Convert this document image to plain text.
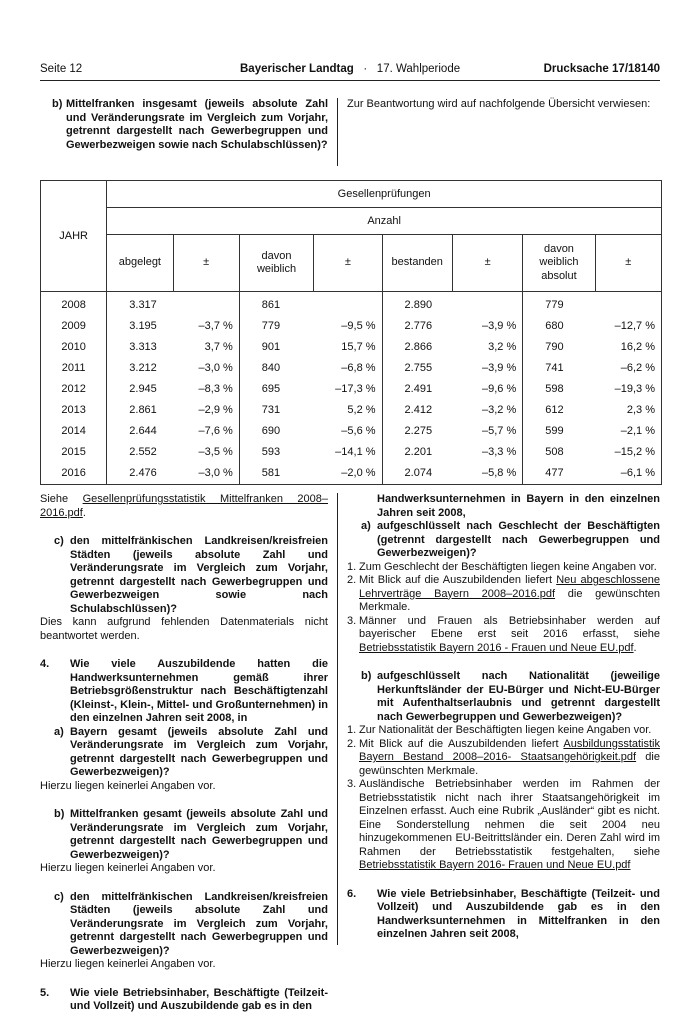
Seite 12	Bayerischer Landtag · 17. Wahlperiode	Drucksache 17/18140
b) Mittelfranken insgesamt (jeweils absolute Zahl und Veränderungsrate im Vergleich zum Vorjahr, getrennt dargestellt nach Gewerbegruppen und Gewerbezweigen sowie nach Schulabschlüssen)?
Zur Beantwortung wird auf nachfolgende Übersicht verwiesen:
JAHR	Gesellenprüfungen							
	Anzahl							
	abgelegt	±	davon weiblich	±	bestanden	±	davon weiblich absolut	±
2008	3.317		861		2.890		779	
2009	3.195	–3,7 %	779	–9,5 %	2.776	–3,9 %	680	–12,7 %
2010	3.313	3,7 %	901	15,7 %	2.866	3,2 %	790	16,2 %
2011	3.212	–3,0 %	840	–6,8 %	2.755	–3,9 %	741	–6,2 %
2012	2.945	–8,3 %	695	–17,3 %	2.491	–9,6 %	598	–19,3 %
2013	2.861	–2,9 %	731	5,2 %	2.412	–3,2 %	612	2,3 %
2014	2.644	–7,6 %	690	–5,6 %	2.275	–5,7 %	599	–2,1 %
2015	2.552	–3,5 %	593	–14,1 %	2.201	–3,3 %	508	–15,2 %
2016	2.476	–3,0 %	581	–2,0 %	2.074	–5,8 %	477	–6,1 %

Siehe Gesellenprüfungsstatistik Mittelfranken 2008–2016.pdf.

c) den mittelfränkischen Landkreisen/kreisfreien Städten (jeweils absolute Zahl und Veränderungsrate im Vergleich zum Vorjahr, getrennt dargestellt nach Gewerbegruppen und Gewerbezweigen sowie nach Schulabschlüssen)?

Dies kann aufgrund fehlenden Datenmaterials nicht beantwortet werden.

4.	Wie viele Auszubildende hatten die Handwerksunternehmen gemäß ihrer Betriebsgrößenstruktur nach Beschäftigtenzahl (Kleinst-, Klein-, Mittel- und Großunternehmen) in den einzelnen Jahren seit 2008, in
a) Bayern gesamt (jeweils absolute Zahl und Veränderungsrate im Vergleich zum Vorjahr, getrennt dargestellt nach Gewerbegruppen und Gewerbezweigen)?

Hierzu liegen keinerlei Angaben vor.

b) Mittelfranken gesamt (jeweils absolute Zahl und Veränderungsrate im Vergleich zum Vorjahr, getrennt dargestellt nach Gewerbegruppen und Gewerbezweigen)?

Hierzu liegen keinerlei Angaben vor.

c) den mittelfränkischen Landkreisen/kreisfreien Städten (jeweils absolute Zahl und Veränderungsrate im Vergleich zum Vorjahr, getrennt dargestellt nach Gewerbegruppen und Gewerbezweigen)?

Hierzu liegen keinerlei Angaben vor.

5.	Wie viele Betriebsinhaber, Beschäftigte (Teilzeit- und Vollzeit) und Auszubildende gab es in den
Handwerksunternehmen in Bayern in den einzelnen Jahren seit 2008,
a) aufgeschlüsselt nach Geschlecht der Beschäftigten (getrennt dargestellt nach Gewerbegruppen und Gewerbezweigen)?
1. Zum Geschlecht der Beschäftigten liegen keine Angaben vor.
2. Mit Blick auf die Auszubildenden liefert Neu abgeschlossene Lehrverträge Bayern 2008–2016.pdf die gewünschten Merkmale.
3. Männer und Frauen als Betriebsinhaber werden auf bayerischer Ebene erst seit 2016 erfasst, siehe Betriebsstatistik Bayern 2016 - Frauen und Neue EU.pdf.
b) aufgeschlüsselt nach Nationalität (jeweilige Herkunftsländer der EU-Bürger und Nicht-EU-Bürger mit Aufenthaltserlaubnis und getrennt dargestellt nach Gewerbegruppen und Gewerbezweigen)?
1. Zur Nationalität der Beschäftigten liegen keine Angaben vor.
2. Mit Blick auf die Auszubildenden liefert Ausbildungsstatistik Bayern Bestand 2008–2016- Staatsangehörigkeit.pdf die gewünschten Merkmale.
3. Ausländische Betriebsinhaber werden im Rahmen der Betriebsstatistik nicht nach ihrer Staatsangehörigkeit im Einzelnen erfasst. Auch eine Rubrik „Ausländer“ gibt es nicht. Eine Sonderstellung nehmen die seit 2004 neu hinzugekommenen EU-Beitrittsländer ein. Deren Zahl wird im Rahmen der Betriebsstatistik festgehalten, siehe Betriebsstatistik Bayern 2016- Frauen und Neue EU.pdf
6.	Wie viele Betriebsinhaber, Beschäftigte (Teilzeit- und Vollzeit) und Auszubildende gab es in den Handwerksunternehmen in Mittelfranken in den einzelnen Jahren seit 2008,
